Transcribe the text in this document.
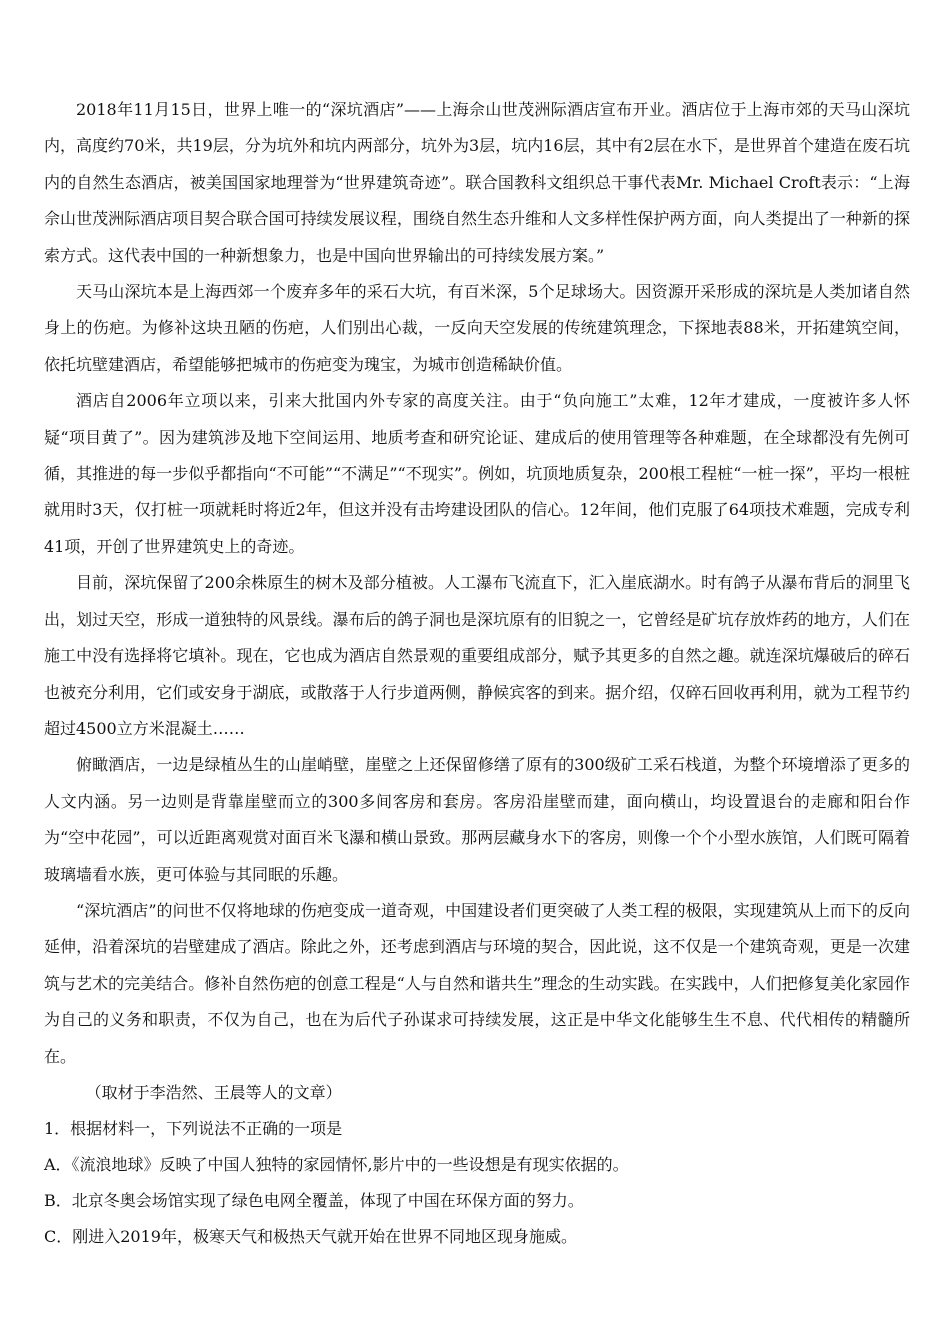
2018年11月15日，世界上唯一的“深坑酒店”——上海佘山世茂洲际酒店宣布开业。酒店位于上海市郊的天马山深坑内，高度约70米，共19层，分为坑外和坑内两部分，坑外为3层，坑内16层，其中有2层在水下，是世界首个建造在废石坑内的自然生态酒店，被美国国家地理誉为“世界建筑奇迹”。联合国教科文组织总干事代表Mr. Michael Croft表示：“上海佘山世茂洲际酒店项目契合联合国可持续发展议程，围绕自然生态升维和人文多样性保护两方面，向人类提出了一种新的探索方式。这代表中国的一种新想象力，也是中国向世界输出的可持续发展方案。”

天马山深坑本是上海西郊一个废弃多年的采石大坑，有百米深，5个足球场大。因资源开采形成的深坑是人类加诸自然身上的伤疤。为修补这块丑陋的伤疤，人们别出心裁，一反向天空发展的传统建筑理念，下探地表88米，开拓建筑空间，依托坑壁建酒店，希望能够把城市的伤疤变为瑰宝，为城市创造稀缺价值。

酒店自2006年立项以来，引来大批国内外专家的高度关注。由于“负向施工”太难，12年才建成，一度被许多人怀疑“项目黄了”。因为建筑涉及地下空间运用、地质考查和研究论证、建成后的使用管理等各种难题，在全球都没有先例可循，其推进的每一步似乎都指向“不可能”“不满足”“不现实”。例如，坑顶地质复杂，200根工程桩“一桩一探”，平均一根桩就用时3天，仅打桩一项就耗时将近2年，但这并没有击垮建设团队的信心。12年间，他们克服了64项技术难题，完成专利41项，开创了世界建筑史上的奇迹。

目前，深坑保留了200余株原生的树木及部分植被。人工瀑布飞流直下，汇入崖底湖水。时有鸽子从瀑布背后的洞里飞出，划过天空，形成一道独特的风景线。瀑布后的鸽子洞也是深坑原有的旧貌之一，它曾经是矿坑存放炸药的地方，人们在施工中没有选择将它填补。现在，它也成为酒店自然景观的重要组成部分，赋予其更多的自然之趣。就连深坑爆破后的碎石也被充分利用，它们或安身于湖底，或散落于人行步道两侧，静候宾客的到来。据介绍，仅碎石回收再利用，就为工程节约超过4500立方米混凝土……

俯瞰酒店，一边是绿植丛生的山崖峭壁，崖壁之上还保留修缮了原有的300级矿工采石栈道，为整个环境增添了更多的人文内涵。另一边则是背靠崖壁而立的300多间客房和套房。客房沿崖壁而建，面向横山，均设置退台的走廊和阳台作为“空中花园”，可以近距离观赏对面百米飞瀑和横山景致。那两层藏身水下的客房，则像一个个小型水族馆，人们既可隔着玻璃墙看水族，更可体验与其同眠的乐趣。

“深坑酒店”的问世不仅将地球的伤疤变成一道奇观，中国建设者们更突破了人类工程的极限，实现建筑从上而下的反向延伸，沿着深坑的岩壁建成了酒店。除此之外，还考虑到酒店与环境的契合，因此说，这不仅是一个建筑奇观，更是一次建筑与艺术的完美结合。修补自然伤疤的创意工程是“人与自然和谐共生”理念的生动实践。在实践中，人们把修复美化家园作为自己的义务和职责，不仅为自己，也在为后代子孙谋求可持续发展，这正是中华文化能够生生不息、代代相传的精髓所在。

（取材于李浩然、王晨等人的文章）

1．根据材料一，下列说法不正确的一项是

A．《流浪地球》反映了中国人独特的家园情怀,影片中的一些设想是有现实依据的。

B．北京冬奥会场馆实现了绿色电网全覆盖，体现了中国在环保方面的努力。

C．刚进入2019年，极寒天气和极热天气就开始在世界不同地区现身施威。
